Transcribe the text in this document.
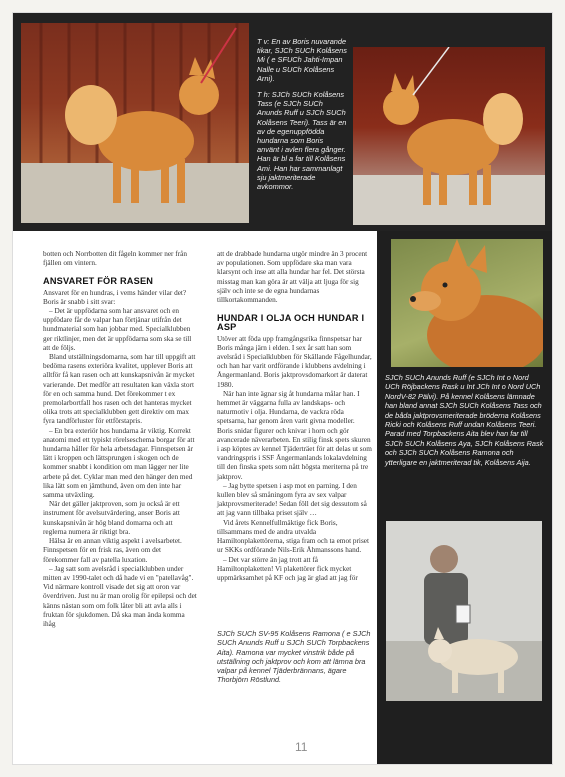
T v: En av Boris nuvarande tikar, SJCh SUCh Kolåsens Mi ( e SFUCh Jahti-Impan Nalle u SUCh Kolåsens Arni).

T h: SJCh SUCh Kolåsens Tass (e SJCh SUCh Anunds Ruff u SJCh SUCh Kolåsens Teeri). Tass är en av de egenuppfödda hundarna som Boris använt i avlen flera gånger. Han är bl a far till Kolåsens Ami. Han har sammanlagt sju jaktmeriterade avkommor.

SJCh SUCh Anunds Ruff (e SJCh Int o Nord UCh Röjbackens Rask u Int JCh Int o Nord UCh NordV-82 Pälvi). På kennel Kolåsens lämnade han bland annat SJCh SUCh Kolåsens Tass och de båda jaktprovsmeriterade bröderna Kolåsens Ricki och Kolåsens Ruff undan Kolåsens Teeri. Parad med Torpbackens Aita blev han far till SJCh SUCh Kolåsens Aya, SJCh Kolåsens Rask och SJCh SUCh Kolåsens Ramona och ytterligare en jaktmeriterad tik, Kolåsens Aija.

botten och Norrbotten dit fågeln kommer ner från fjällen om vintern.

ANSVARET FÖR RASEN

Ansvaret för en hundras, i vems händer vilar det? Boris är snabb i sitt svar:

– Det är uppfödarna som har ansvaret och en uppfödare får de valpar han förtjänar utifrån det hundmaterial som han jobbar med. Specialklubben ger riktlinjer, men det är uppfödarna som ska se till att de följs.

Bland utställningsdomarna, som har till uppgift att bedöma rasens exteriöra kvalitet, upplever Boris att alltför få kan rasen och att kunskapsnivån är mycket varierande. Det medför att resultaten kan växla stort för en och samma hund. Det förekommer t ex premolarbortfall hos rasen och det hanteras mycket olika trots att specialklubben gett direktiv om max fyra tandförluster för ettförstapris.

– En bra exteriör hos hundarna är viktig. Korrekt anatomi med ett typiskt rörelseschema borgar för att hundarna håller för hela arbetsdagar. Finnspetsen är lätt i kroppen och lättsprungen i skogen och de kommer snabbt i kondition om man lägger ner lite arbete på det. Cyklar man med den hänger den med lika lätt som en jämthund, även om den inte har samma utväxling.

När det gäller jaktproven, som ju också är ett instrument för avelsutvärdering, anser Boris att kunskapsnivån är hög bland domarna och att reglerna numera är riktigt bra.

Hälsa är en annan viktig aspekt i avelsarbetet. Finnspetsen för en frisk ras, även om det förekommer fall av patella luxation.

– Jag satt som avelsråd i specialklubben under mitten av 1990-talet och då hade vi en "patellavåg". Vid närmare kontroll visade det sig att oron var överdriven. Just nu är man orolig för epilepsi och det känns nästan som om folk låter bli att avla alls i fruktan för sjukdomen. Då ska man ända komma ihåg

att de drabbade hundarna utgör mindre än 3 procent av populationen. Som uppfödare ska man vara klarsynt och inse att alla hundar har fel. Det största misstag man kan göra är att välja att ljuga för sig själv och inte se de egna hundarnas tillkortakommanden.

HUNDAR I OLJA OCH HUNDAR I ASP

Utöver att föda upp framgångsrika finnspetsar har Boris många järn i elden. I sex år satt han som avelsråd i Specialklubben för Skällande Fågelhundar, och han har varit ordförande i klubbens avdelning i Ångermanland. Boris jaktprovsdomarkort är daterat 1980.

När han inte ägnar sig åt hundarna målar han. I hemmet är väggarna fulla av landskaps- och naturmotiv i olja. Hundarna, de vackra röda spetsarna, har genom åren varit givna modeller. Boris snidar figurer och knivar i horn och gör avancerade näverarbeten. En stilig finsk spets skuren i asp köptes av kennel Tjäderträet för att delas ut som vandringspris i SSF Ångermanlands lokalavdelning till den finska spets som nått högsta meriterna på tre jaktprov.

– Jag bytte spetsen i asp mot en parning. I den kullen blev så småningom fyra av sex valpar jaktprovsmeriterade! Sedan föll det sig dessutom så att jag vann tillbaka priset själv …

Vid årets Kennelfullmäktige fick Boris, tillsammans med de andra utvalda Hamiltonplakettörerna, stiga fram och ta emot priset ur SKKs ordförande Nils-Erik Åhmanssons hand.

– Det var större än jag trott att få Hamiltonplaketten! Vi plakettörer fick mycket uppmärksamhet på KF och jag är glad att jag för

SJCh SUCh SV-95 Kolåsens Ramona ( e SJCh SUCh Anunds Ruff u SJCh SUCh Torpbackens Aita). Ramona var mycket vinstrik både på utställning och jaktprov och kom att lämna bra valpar på kennel Tjäderbrännans, ägare Thorbjörn Röstlund.
11
